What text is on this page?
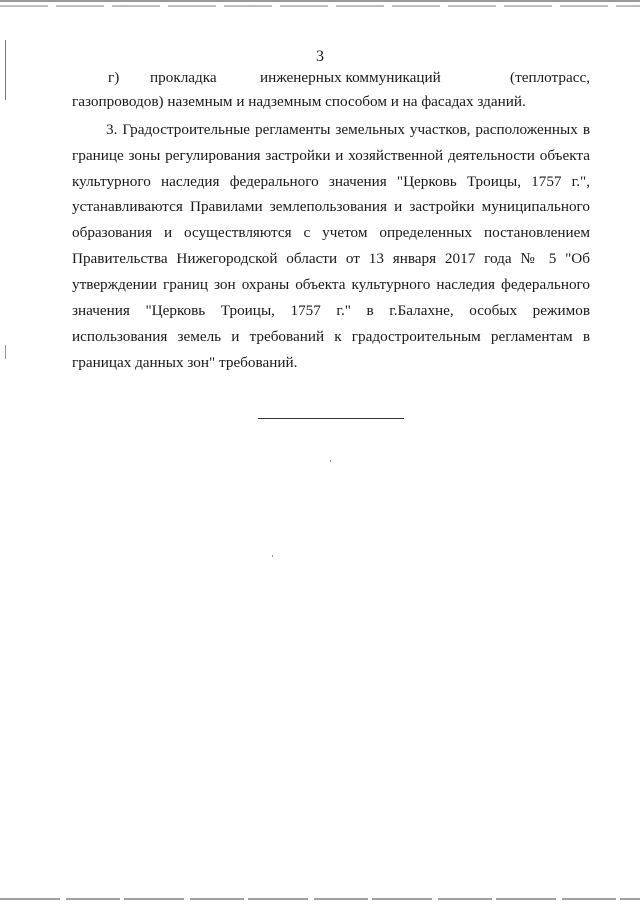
3
г) прокладка	инженерных коммуникаций	(теплотрасс,
газопроводов) наземным и надземным способом и на фасадах зданий.
3. Градостроительные регламенты земельных участков, расположенных в
границе зоны регулирования застройки и хозяйственной деятельности объекта
культурного наследия федерального значения "Церковь Троицы, 1757 г.",
устанавливаются Правилами землепользования и застройки муниципального
образования и осуществляются с учетом определенных постановлением
Правительства Нижегородской области от 13 января 2017 года № 5 "Об
утверждении границ зон охраны объекта культурного наследия федерального
значения "Церковь Троицы, 1757 г." в г.Балахне, особых режимов
использования земель и требований к градостроительным регламентам в
границах данных зон" требований.
